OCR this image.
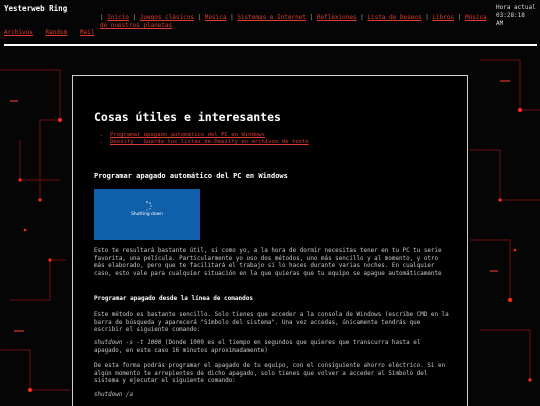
Yesterweb Ring
Archivos Random Mail
| Inicio | Juegos clásicos | Música | Sistemas e Internet | Reflexiones | Lista de Deseos | Libros | Música de nuestros planetas
Hora actual
03:28:18
AM
Cosas útiles e interesantes
• Programar apagado automático del PC en Windows
• Deezify - Guarda tus listas de Deezify en archivos de texto
Programar apagado automático del PC en Windows
Shutting down

Esto te resultará bastante útil, si como yo, a la hora de dormir necesitas tener en tu PC tu serie favorita, una película. Particularmente yo uso dos métodos, uno más sencillo y al momento, y otro más elaborado, pero que te facilitará el trabajo si lo haces durante varias noches. En cualquier caso, esto vale para cualquier situación en la que quieras que tu equipo se apague automáticamente

Programar apagado desde la línea de comandos

Este método es bastante sencillo. Solo tienes que acceder a la consola de Windows (escribe CMD en la barra de búsqueda y aparecerá "Símbolo del sistema". Una vez accedas, únicamente tendrás que escribir el siguiente comando:

shutdown -s -t 1000 (Donde 1000 es el tiempo en segundos que quieres que transcurra hasta el apagado, en este caso 16 minutos aproximadamente)

De esta forma podrás programar el apagado de tu equipo, con el consiguiente ahorro eléctrico. Si en algún momento te arrepientes de dicho apagado, solo tienes que volver a acceder al Símbolo del sistema y ejecutar el siguiente comando:

shutdown /a
